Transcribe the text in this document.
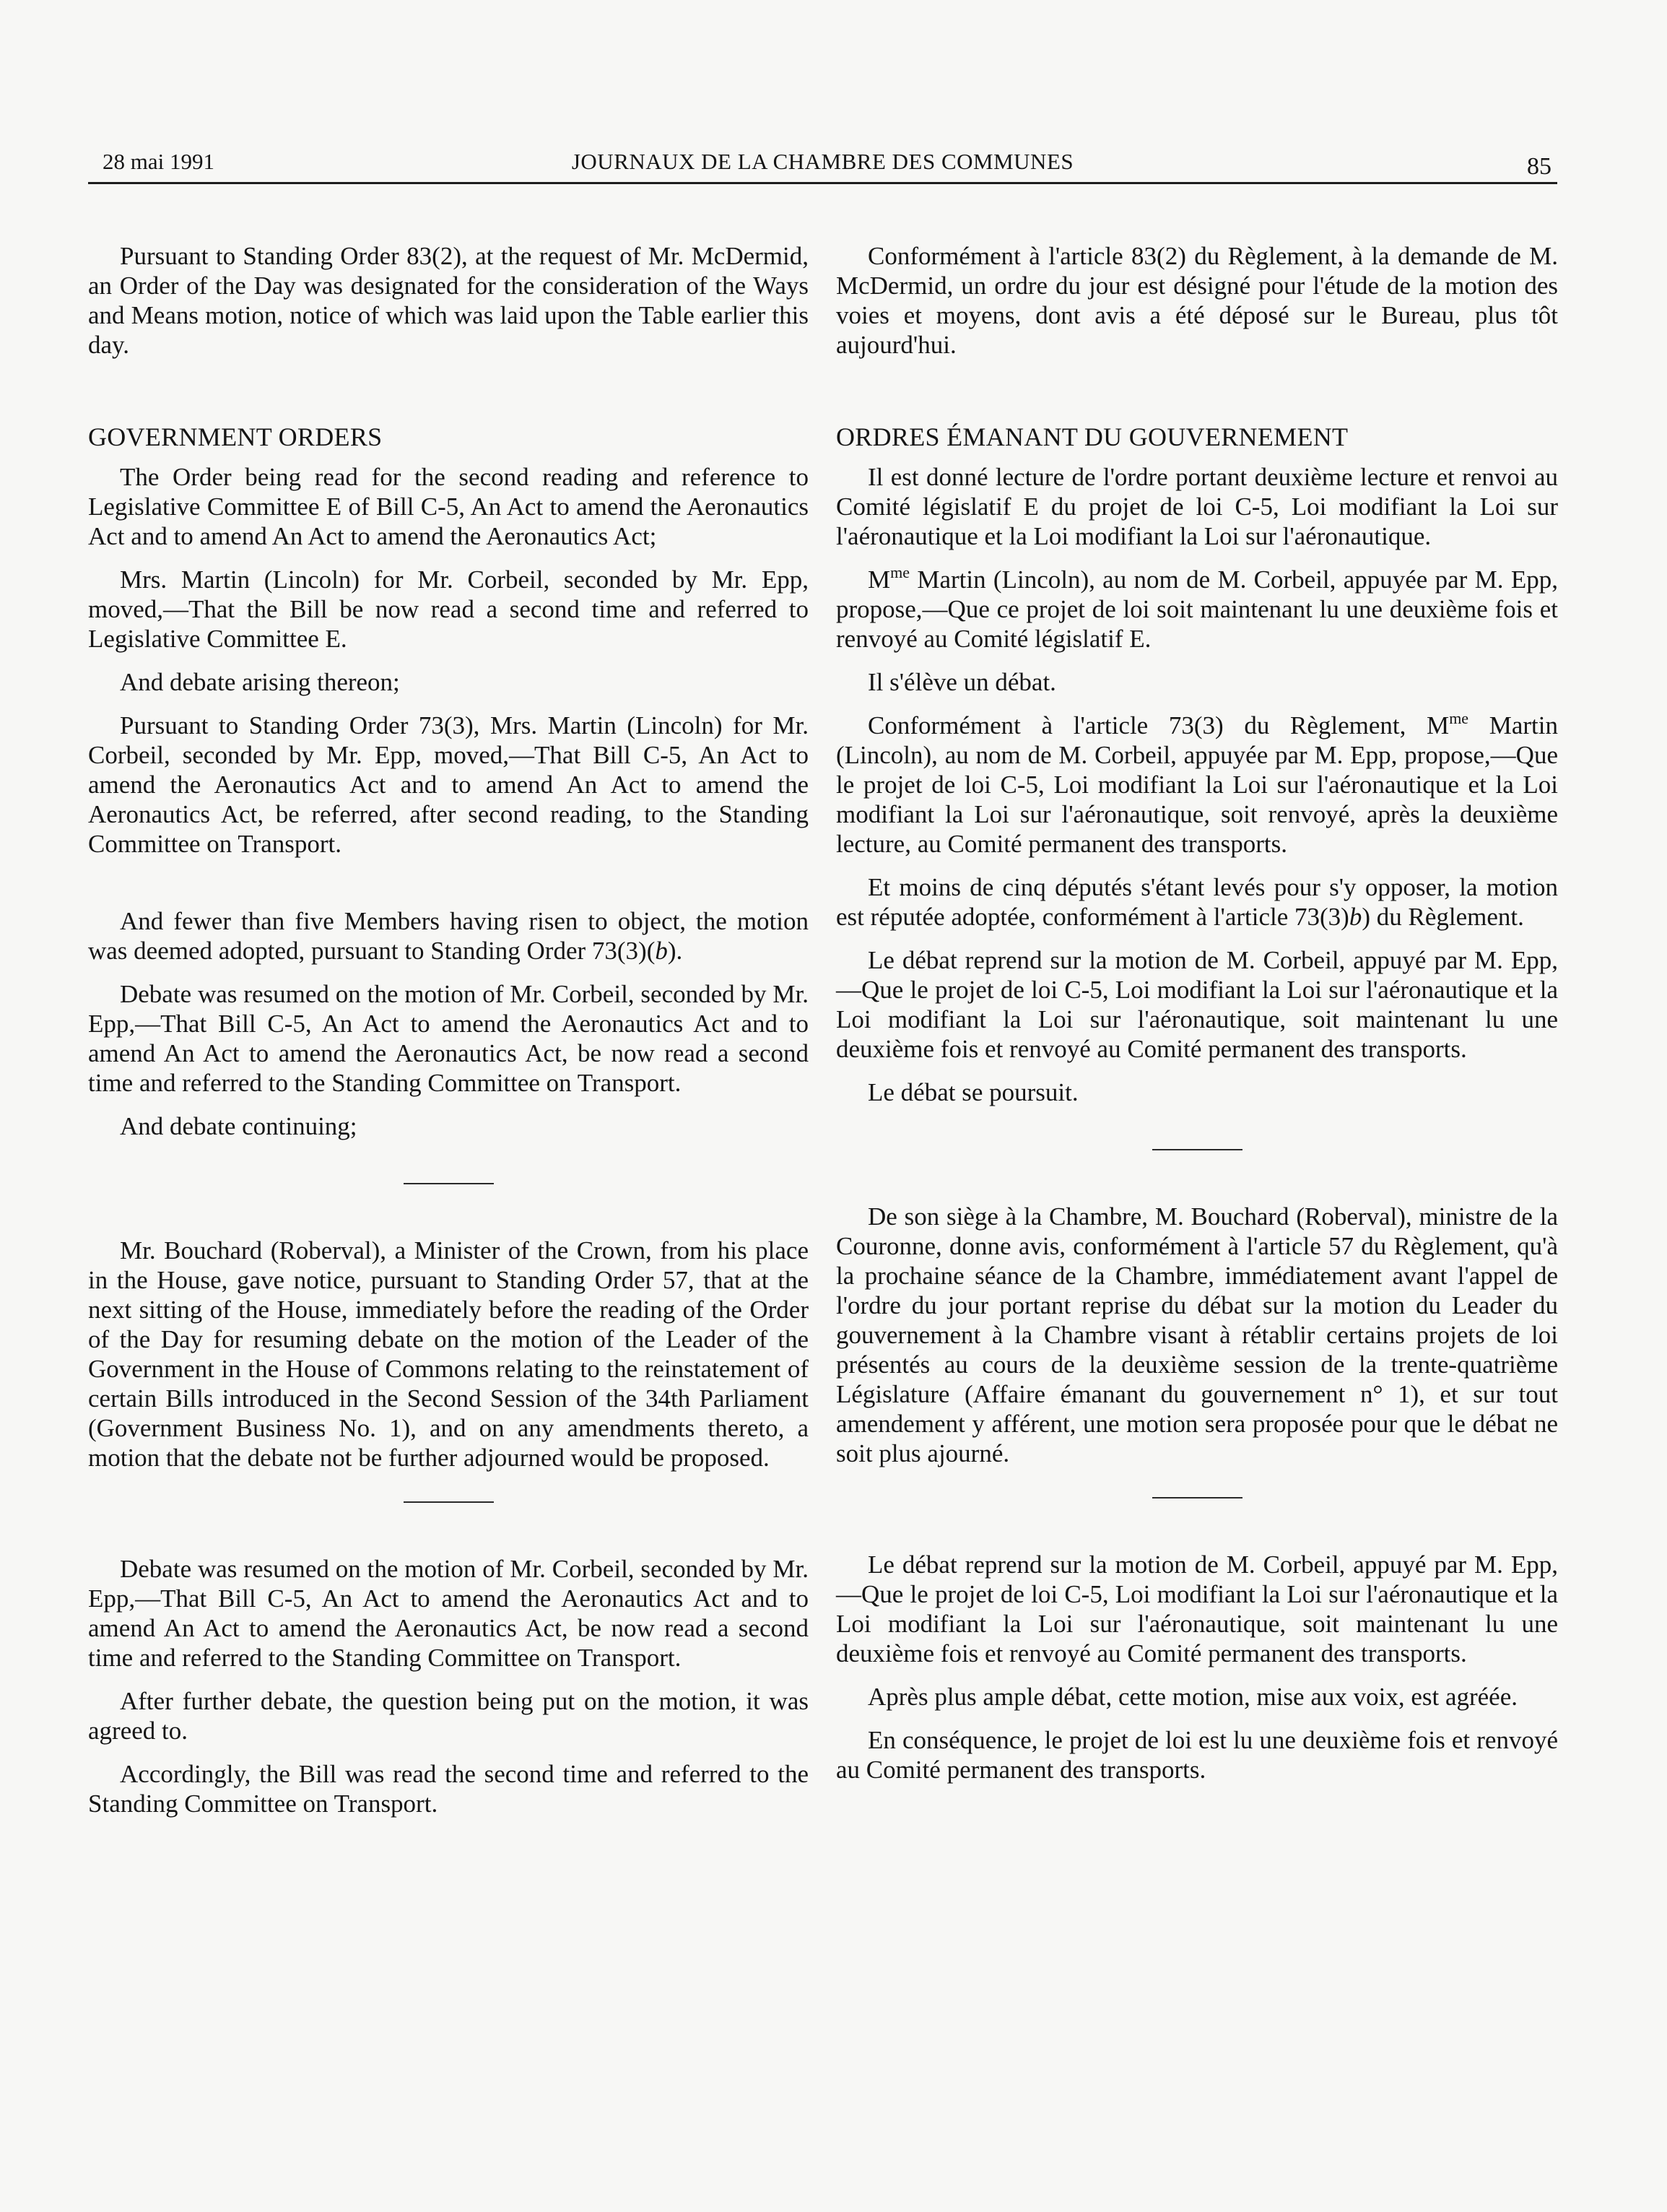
28 mai 1991	JOURNAUX DE LA CHAMBRE DES COMMUNES	85

Pursuant to Standing Order 83(2), at the request of Mr. McDermid, an Order of the Day was designated for the consideration of the Ways and Means motion, notice of which was laid upon the Table earlier this day.

GOVERNMENT ORDERS

The Order being read for the second reading and reference to Legislative Committee E of Bill C-5, An Act to amend the Aeronautics Act and to amend An Act to amend the Aeronautics Act;

Mrs. Martin (Lincoln) for Mr. Corbeil, seconded by Mr. Epp, moved,—That the Bill be now read a second time and referred to Legislative Committee E.

And debate arising thereon;

Pursuant to Standing Order 73(3), Mrs. Martin (Lincoln) for Mr. Corbeil, seconded by Mr. Epp, moved,—That Bill C-5, An Act to amend the Aeronautics Act and to amend An Act to amend the Aeronautics Act, be referred, after second reading, to the Standing Committee on Transport.

And fewer than five Members having risen to object, the motion was deemed adopted, pursuant to Standing Order 73(3)(b).

Debate was resumed on the motion of Mr. Corbeil, seconded by Mr. Epp,—That Bill C-5, An Act to amend the Aeronautics Act and to amend An Act to amend the Aeronautics Act, be now read a second time and referred to the Standing Committee on Transport.

And debate continuing;

Mr. Bouchard (Roberval), a Minister of the Crown, from his place in the House, gave notice, pursuant to Standing Order 57, that at the next sitting of the House, immediately before the reading of the Order of the Day for resuming debate on the motion of the Leader of the Government in the House of Commons relating to the reinstatement of certain Bills introduced in the Second Session of the 34th Parliament (Government Business No. 1), and on any amendments thereto, a motion that the debate not be further adjourned would be proposed.

Debate was resumed on the motion of Mr. Corbeil, seconded by Mr. Epp,—That Bill C-5, An Act to amend the Aeronautics Act and to amend An Act to amend the Aeronautics Act, be now read a second time and referred to the Standing Committee on Transport.

After further debate, the question being put on the motion, it was agreed to.

Accordingly, the Bill was read the second time and referred to the Standing Committee on Transport.

Conformément à l'article 83(2) du Règlement, à la demande de M. McDermid, un ordre du jour est désigné pour l'étude de la motion des voies et moyens, dont avis a été déposé sur le Bureau, plus tôt aujourd'hui.

ORDRES ÉMANANT DU GOUVERNEMENT

Il est donné lecture de l'ordre portant deuxième lecture et renvoi au Comité législatif E du projet de loi C-5, Loi modifiant la Loi sur l'aéronautique et la Loi modifiant la Loi sur l'aéronautique.

$M^{me}$ Martin (Lincoln), au nom de M. Corbeil, appuyée par M. Epp, propose,—Que ce projet de loi soit maintenant lu une deuxième fois et renvoyé au Comité législatif E.

Il s'élève un débat.

Conformément à l'article 73(3) du Règlement, $M^{me}$ Martin (Lincoln), au nom de M. Corbeil, appuyée par M. Epp, propose,—Que le projet de loi C-5, Loi modifiant la Loi sur l'aéronautique et la Loi modifiant la Loi sur l'aéronautique, soit renvoyé, après la deuxième lecture, au Comité permanent des transports.

Et moins de cinq députés s'étant levés pour s'y opposer, la motion est réputée adoptée, conformément à l'article 73(3)b) du Règlement.

Le débat reprend sur la motion de M. Corbeil, appuyé par M. Epp,—Que le projet de loi C-5, Loi modifiant la Loi sur l'aéronautique et la Loi modifiant la Loi sur l'aéronautique, soit maintenant lu une deuxième fois et renvoyé au Comité permanent des transports.

Le débat se poursuit.

De son siège à la Chambre, M. Bouchard (Roberval), ministre de la Couronne, donne avis, conformément à l'article 57 du Règlement, qu'à la prochaine séance de la Chambre, immédiatement avant l'appel de l'ordre du jour portant reprise du débat sur la motion du Leader du gouvernement à la Chambre visant à rétablir certains projets de loi présentés au cours de la deuxième session de la trente-quatrième Législature (Affaire émanant du gouvernement n° 1), et sur tout amendement y afférent, une motion sera proposée pour que le débat ne soit plus ajourné.

Le débat reprend sur la motion de M. Corbeil, appuyé par M. Epp,—Que le projet de loi C-5, Loi modifiant la Loi sur l'aéronautique et la Loi modifiant la Loi sur l'aéronautique, soit maintenant lu une deuxième fois et renvoyé au Comité permanent des transports.

Après plus ample débat, cette motion, mise aux voix, est agréée.

En conséquence, le projet de loi est lu une deuxième fois et renvoyé au Comité permanent des transports.
